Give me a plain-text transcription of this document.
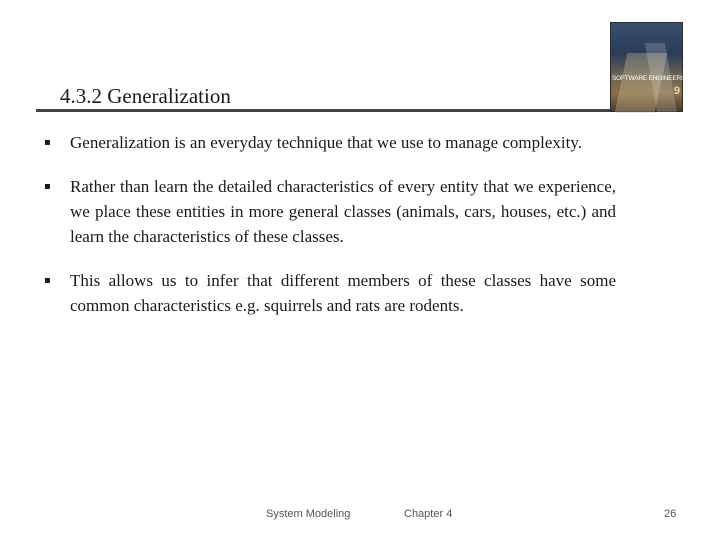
4.3.2 Generalization
SOFTWARE ENGINEERING
9
▪ Generalization is an everyday technique that we use to manage complexity.
▪ Rather than learn the detailed characteristics of every entity that we experience, we place these entities in more general classes (animals, cars, houses, etc.) and learn the characteristics of these classes.
▪ This allows us to infer that different members of these classes have some common characteristics e.g. squirrels and rats are rodents.
System Modeling	Chapter 4	26
